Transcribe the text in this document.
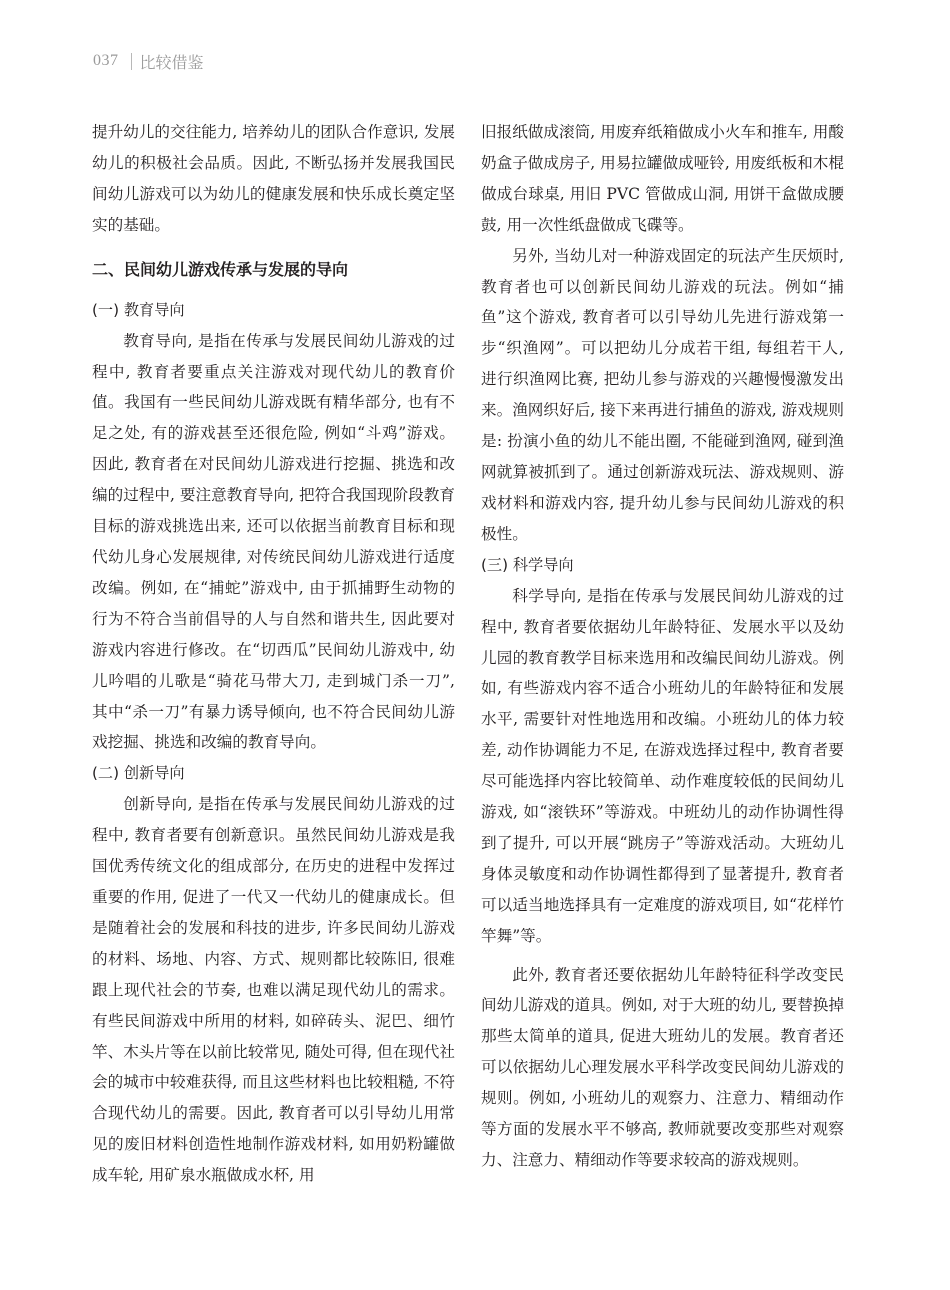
037 比较借鉴

提升幼儿的交往能力, 培养幼儿的团队合作意识, 发展幼儿的积极社会品质。因此, 不断弘扬并发展我国民间幼儿游戏可以为幼儿的健康发展和快乐成长奠定坚实的基础。

二、民间幼儿游戏传承与发展的导向
(一) 教育导向

教育导向, 是指在传承与发展民间幼儿游戏的过程中, 教育者要重点关注游戏对现代幼儿的教育价值。我国有一些民间幼儿游戏既有精华部分, 也有不足之处, 有的游戏甚至还很危险, 例如“斗鸡”游戏。因此, 教育者在对民间幼儿游戏进行挖掘、挑选和改编的过程中, 要注意教育导向, 把符合我国现阶段教育目标的游戏挑选出来, 还可以依据当前教育目标和现代幼儿身心发展规律, 对传统民间幼儿游戏进行适度改编。例如, 在“捕蛇”游戏中, 由于抓捕野生动物的行为不符合当前倡导的人与自然和谐共生, 因此要对游戏内容进行修改。在“切西瓜”民间幼儿游戏中, 幼儿吟唱的儿歌是“骑花马带大刀, 走到城门杀一刀”, 其中“杀一刀”有暴力诱导倾向, 也不符合民间幼儿游戏挖掘、挑选和改编的教育导向。

(二) 创新导向

创新导向, 是指在传承与发展民间幼儿游戏的过程中, 教育者要有创新意识。虽然民间幼儿游戏是我国优秀传统文化的组成部分, 在历史的进程中发挥过重要的作用, 促进了一代又一代幼儿的健康成长。但是随着社会的发展和科技的进步, 许多民间幼儿游戏的材料、场地、内容、方式、规则都比较陈旧, 很难跟上现代社会的节奏, 也难以满足现代幼儿的需求。有些民间游戏中所用的材料, 如碎砖头、泥巴、细竹竿、木头片等在以前比较常见, 随处可得, 但在现代社会的城市中较难获得, 而且这些材料也比较粗糙, 不符合现代幼儿的需要。因此, 教育者可以引导幼儿用常见的废旧材料创造性地制作游戏材料, 如用奶粉罐做成车轮, 用矿泉水瓶做成水杯, 用

旧报纸做成滚筒, 用废弃纸箱做成小火车和推车, 用酸奶盒子做成房子, 用易拉罐做成哑铃, 用废纸板和木棍做成台球桌, 用旧 PVC 管做成山洞, 用饼干盒做成腰鼓, 用一次性纸盘做成飞碟等。

另外, 当幼儿对一种游戏固定的玩法产生厌烦时, 教育者也可以创新民间幼儿游戏的玩法。例如“捕鱼”这个游戏, 教育者可以引导幼儿先进行游戏第一步“织渔网”。可以把幼儿分成若干组, 每组若干人, 进行织渔网比赛, 把幼儿参与游戏的兴趣慢慢激发出来。渔网织好后, 接下来再进行捕鱼的游戏, 游戏规则是: 扮演小鱼的幼儿不能出圈, 不能碰到渔网, 碰到渔网就算被抓到了。通过创新游戏玩法、游戏规则、游戏材料和游戏内容, 提升幼儿参与民间幼儿游戏的积极性。

(三) 科学导向

科学导向, 是指在传承与发展民间幼儿游戏的过程中, 教育者要依据幼儿年龄特征、发展水平以及幼儿园的教育教学目标来选用和改编民间幼儿游戏。例如, 有些游戏内容不适合小班幼儿的年龄特征和发展水平, 需要针对性地选用和改编。小班幼儿的体力较差, 动作协调能力不足, 在游戏选择过程中, 教育者要尽可能选择内容比较简单、动作难度较低的民间幼儿游戏, 如“滚铁环”等游戏。中班幼儿的动作协调性得到了提升, 可以开展“跳房子”等游戏活动。大班幼儿身体灵敏度和动作协调性都得到了显著提升, 教育者可以适当地选择具有一定难度的游戏项目, 如“花样竹竿舞”等。

此外, 教育者还要依据幼儿年龄特征科学改变民间幼儿游戏的道具。例如, 对于大班的幼儿, 要替换掉那些太简单的道具, 促进大班幼儿的发展。教育者还可以依据幼儿心理发展水平科学改变民间幼儿游戏的规则。例如, 小班幼儿的观察力、注意力、精细动作等方面的发展水平不够高, 教师就要改变那些对观察力、注意力、精细动作等要求较高的游戏规则。
